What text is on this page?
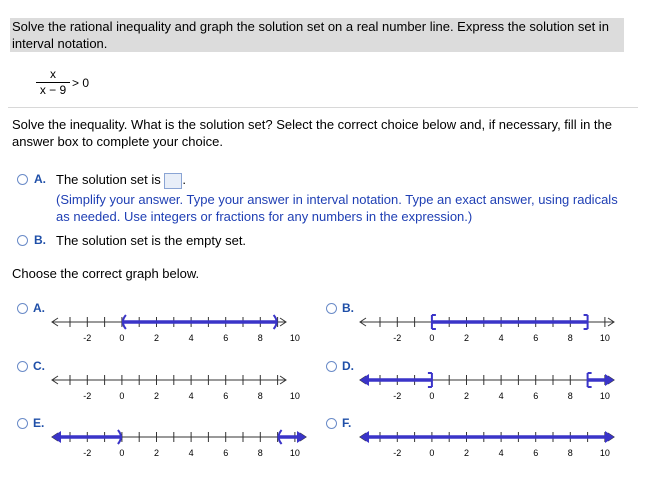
Solve the rational inequality and graph the solution set on a real number line. Express the solution set in interval notation.
x
x − 9 > 0
Solve the inequality. What is the solution set? Select the correct choice below and, if necessary, fill in the answer box to complete your choice.
A. The solution set is .
(Simplify your answer. Type your answer in interval notation. Type an exact answer, using radicals as needed. Use integers or fractions for any numbers in the expression.)
B. The solution set is the empty set.
Choose the correct graph below.
A.	B.
C.	D.
E.	F.
-2	0	2	4	6	8	10	-2	0	2	4	6	8	10
-2	0	2	4	6	8	10	-2	0	2	4	6	8	10
-2	0	2	4	6	8	10	-2	0	2	4	6	8	10
